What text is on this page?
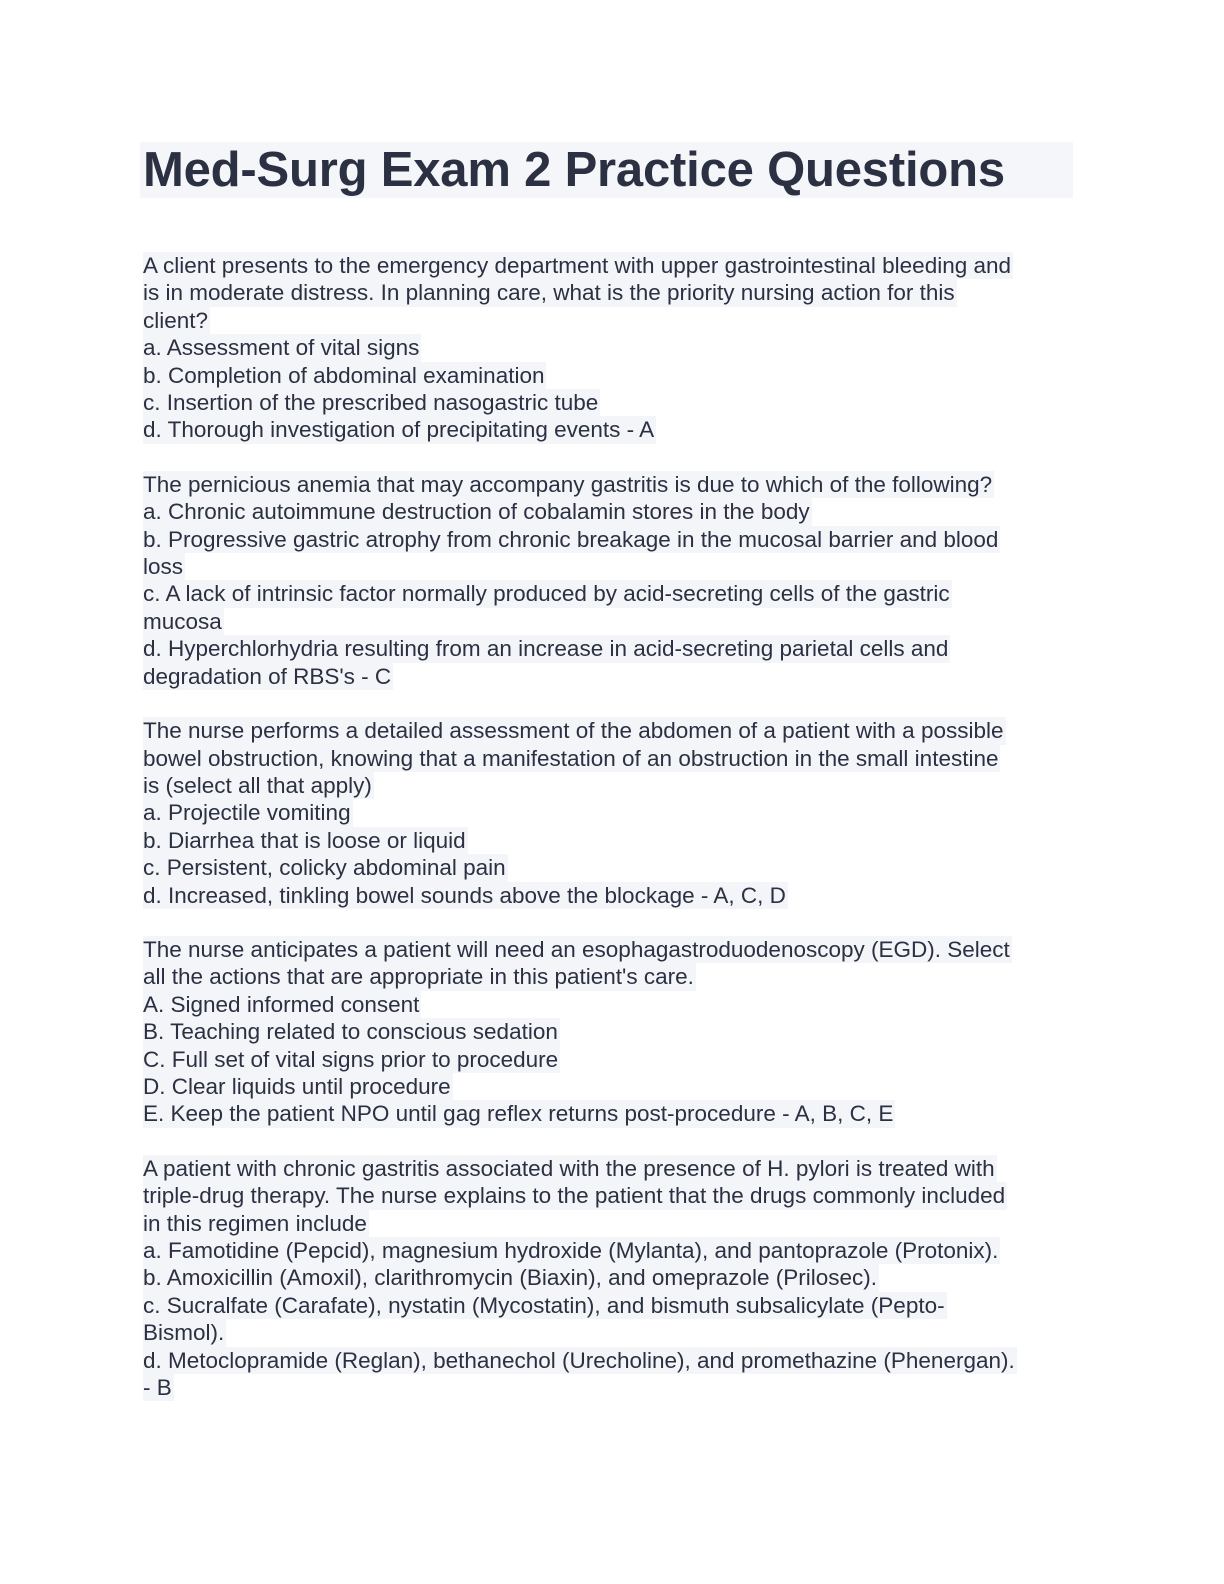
Med-Surg Exam 2 Practice Questions
A client presents to the emergency department with upper gastrointestinal bleeding and
is in moderate distress. In planning care, what is the priority nursing action for this
client?
a. Assessment of vital signs
b. Completion of abdominal examination
c. Insertion of the prescribed nasogastric tube
d. Thorough investigation of precipitating events - A
The pernicious anemia that may accompany gastritis is due to which of the following?
a. Chronic autoimmune destruction of cobalamin stores in the body
b. Progressive gastric atrophy from chronic breakage in the mucosal barrier and blood
loss
c. A lack of intrinsic factor normally produced by acid-secreting cells of the gastric
mucosa
d. Hyperchlorhydria resulting from an increase in acid-secreting parietal cells and
degradation of RBS's - C
The nurse performs a detailed assessment of the abdomen of a patient with a possible
bowel obstruction, knowing that a manifestation of an obstruction in the small intestine
is (select all that apply)
a. Projectile vomiting
b. Diarrhea that is loose or liquid
c. Persistent, colicky abdominal pain
d. Increased, tinkling bowel sounds above the blockage - A, C, D
The nurse anticipates a patient will need an esophagastroduodenoscopy (EGD). Select
all the actions that are appropriate in this patient's care.
A. Signed informed consent
B. Teaching related to conscious sedation
C. Full set of vital signs prior to procedure
D. Clear liquids until procedure
E. Keep the patient NPO until gag reflex returns post-procedure - A, B, C, E
A patient with chronic gastritis associated with the presence of H. pylori is treated with
triple-drug therapy. The nurse explains to the patient that the drugs commonly included
in this regimen include
a. Famotidine (Pepcid), magnesium hydroxide (Mylanta), and pantoprazole (Protonix).
b. Amoxicillin (Amoxil), clarithromycin (Biaxin), and omeprazole (Prilosec).
c. Sucralfate (Carafate), nystatin (Mycostatin), and bismuth subsalicylate (Pepto-
Bismol).
d. Metoclopramide (Reglan), bethanechol (Urecholine), and promethazine (Phenergan).
- B
